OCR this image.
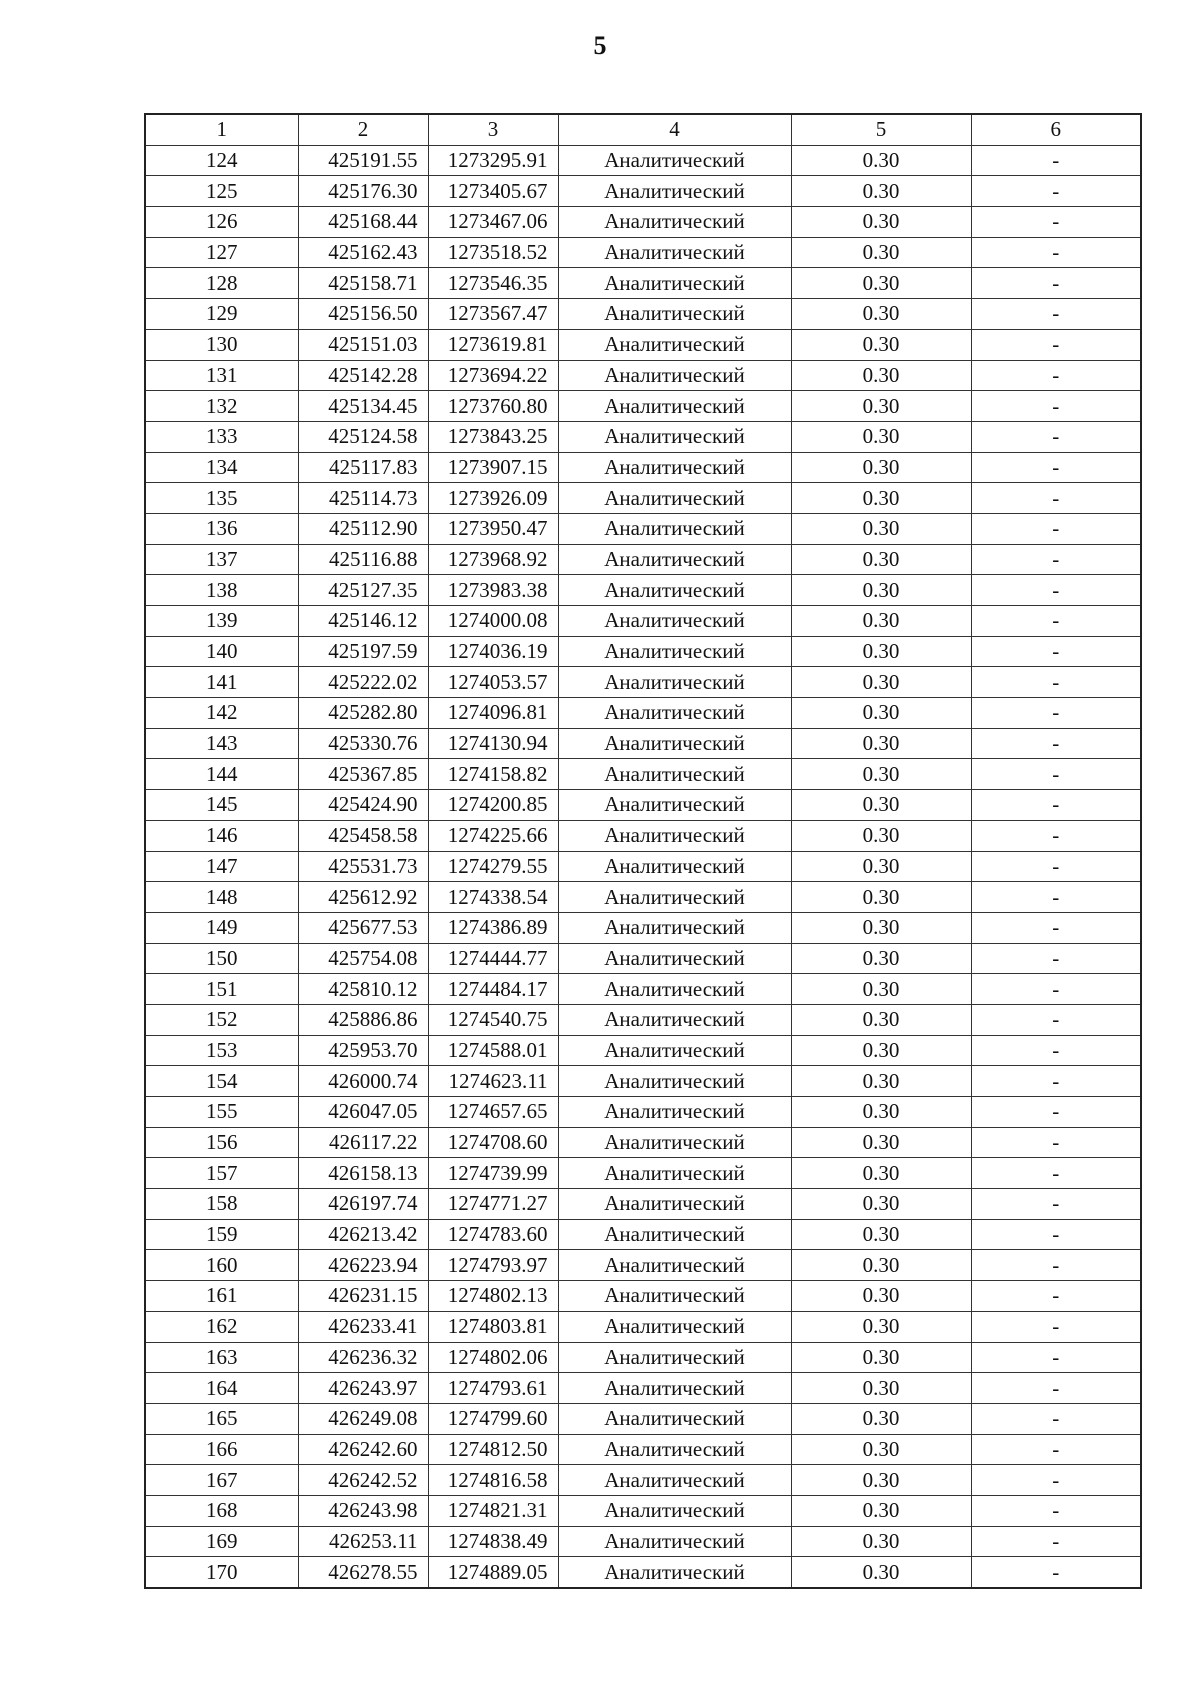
5
1	2	3	4	5	6
124	425191.55	1273295.91	Аналитический	0.30	-
125	425176.30	1273405.67	Аналитический	0.30	-
126	425168.44	1273467.06	Аналитический	0.30	-
127	425162.43	1273518.52	Аналитический	0.30	-
128	425158.71	1273546.35	Аналитический	0.30	-
129	425156.50	1273567.47	Аналитический	0.30	-
130	425151.03	1273619.81	Аналитический	0.30	-
131	425142.28	1273694.22	Аналитический	0.30	-
132	425134.45	1273760.80	Аналитический	0.30	-
133	425124.58	1273843.25	Аналитический	0.30	-
134	425117.83	1273907.15	Аналитический	0.30	-
135	425114.73	1273926.09	Аналитический	0.30	-
136	425112.90	1273950.47	Аналитический	0.30	-
137	425116.88	1273968.92	Аналитический	0.30	-
138	425127.35	1273983.38	Аналитический	0.30	-
139	425146.12	1274000.08	Аналитический	0.30	-
140	425197.59	1274036.19	Аналитический	0.30	-
141	425222.02	1274053.57	Аналитический	0.30	-
142	425282.80	1274096.81	Аналитический	0.30	-
143	425330.76	1274130.94	Аналитический	0.30	-
144	425367.85	1274158.82	Аналитический	0.30	-
145	425424.90	1274200.85	Аналитический	0.30	-
146	425458.58	1274225.66	Аналитический	0.30	-
147	425531.73	1274279.55	Аналитический	0.30	-
148	425612.92	1274338.54	Аналитический	0.30	-
149	425677.53	1274386.89	Аналитический	0.30	-
150	425754.08	1274444.77	Аналитический	0.30	-
151	425810.12	1274484.17	Аналитический	0.30	-
152	425886.86	1274540.75	Аналитический	0.30	-
153	425953.70	1274588.01	Аналитический	0.30	-
154	426000.74	1274623.11	Аналитический	0.30	-
155	426047.05	1274657.65	Аналитический	0.30	-
156	426117.22	1274708.60	Аналитический	0.30	-
157	426158.13	1274739.99	Аналитический	0.30	-
158	426197.74	1274771.27	Аналитический	0.30	-
159	426213.42	1274783.60	Аналитический	0.30	-
160	426223.94	1274793.97	Аналитический	0.30	-
161	426231.15	1274802.13	Аналитический	0.30	-
162	426233.41	1274803.81	Аналитический	0.30	-
163	426236.32	1274802.06	Аналитический	0.30	-
164	426243.97	1274793.61	Аналитический	0.30	-
165	426249.08	1274799.60	Аналитический	0.30	-
166	426242.60	1274812.50	Аналитический	0.30	-
167	426242.52	1274816.58	Аналитический	0.30	-
168	426243.98	1274821.31	Аналитический	0.30	-
169	426253.11	1274838.49	Аналитический	0.30	-
170	426278.55	1274889.05	Аналитический	0.30	-
